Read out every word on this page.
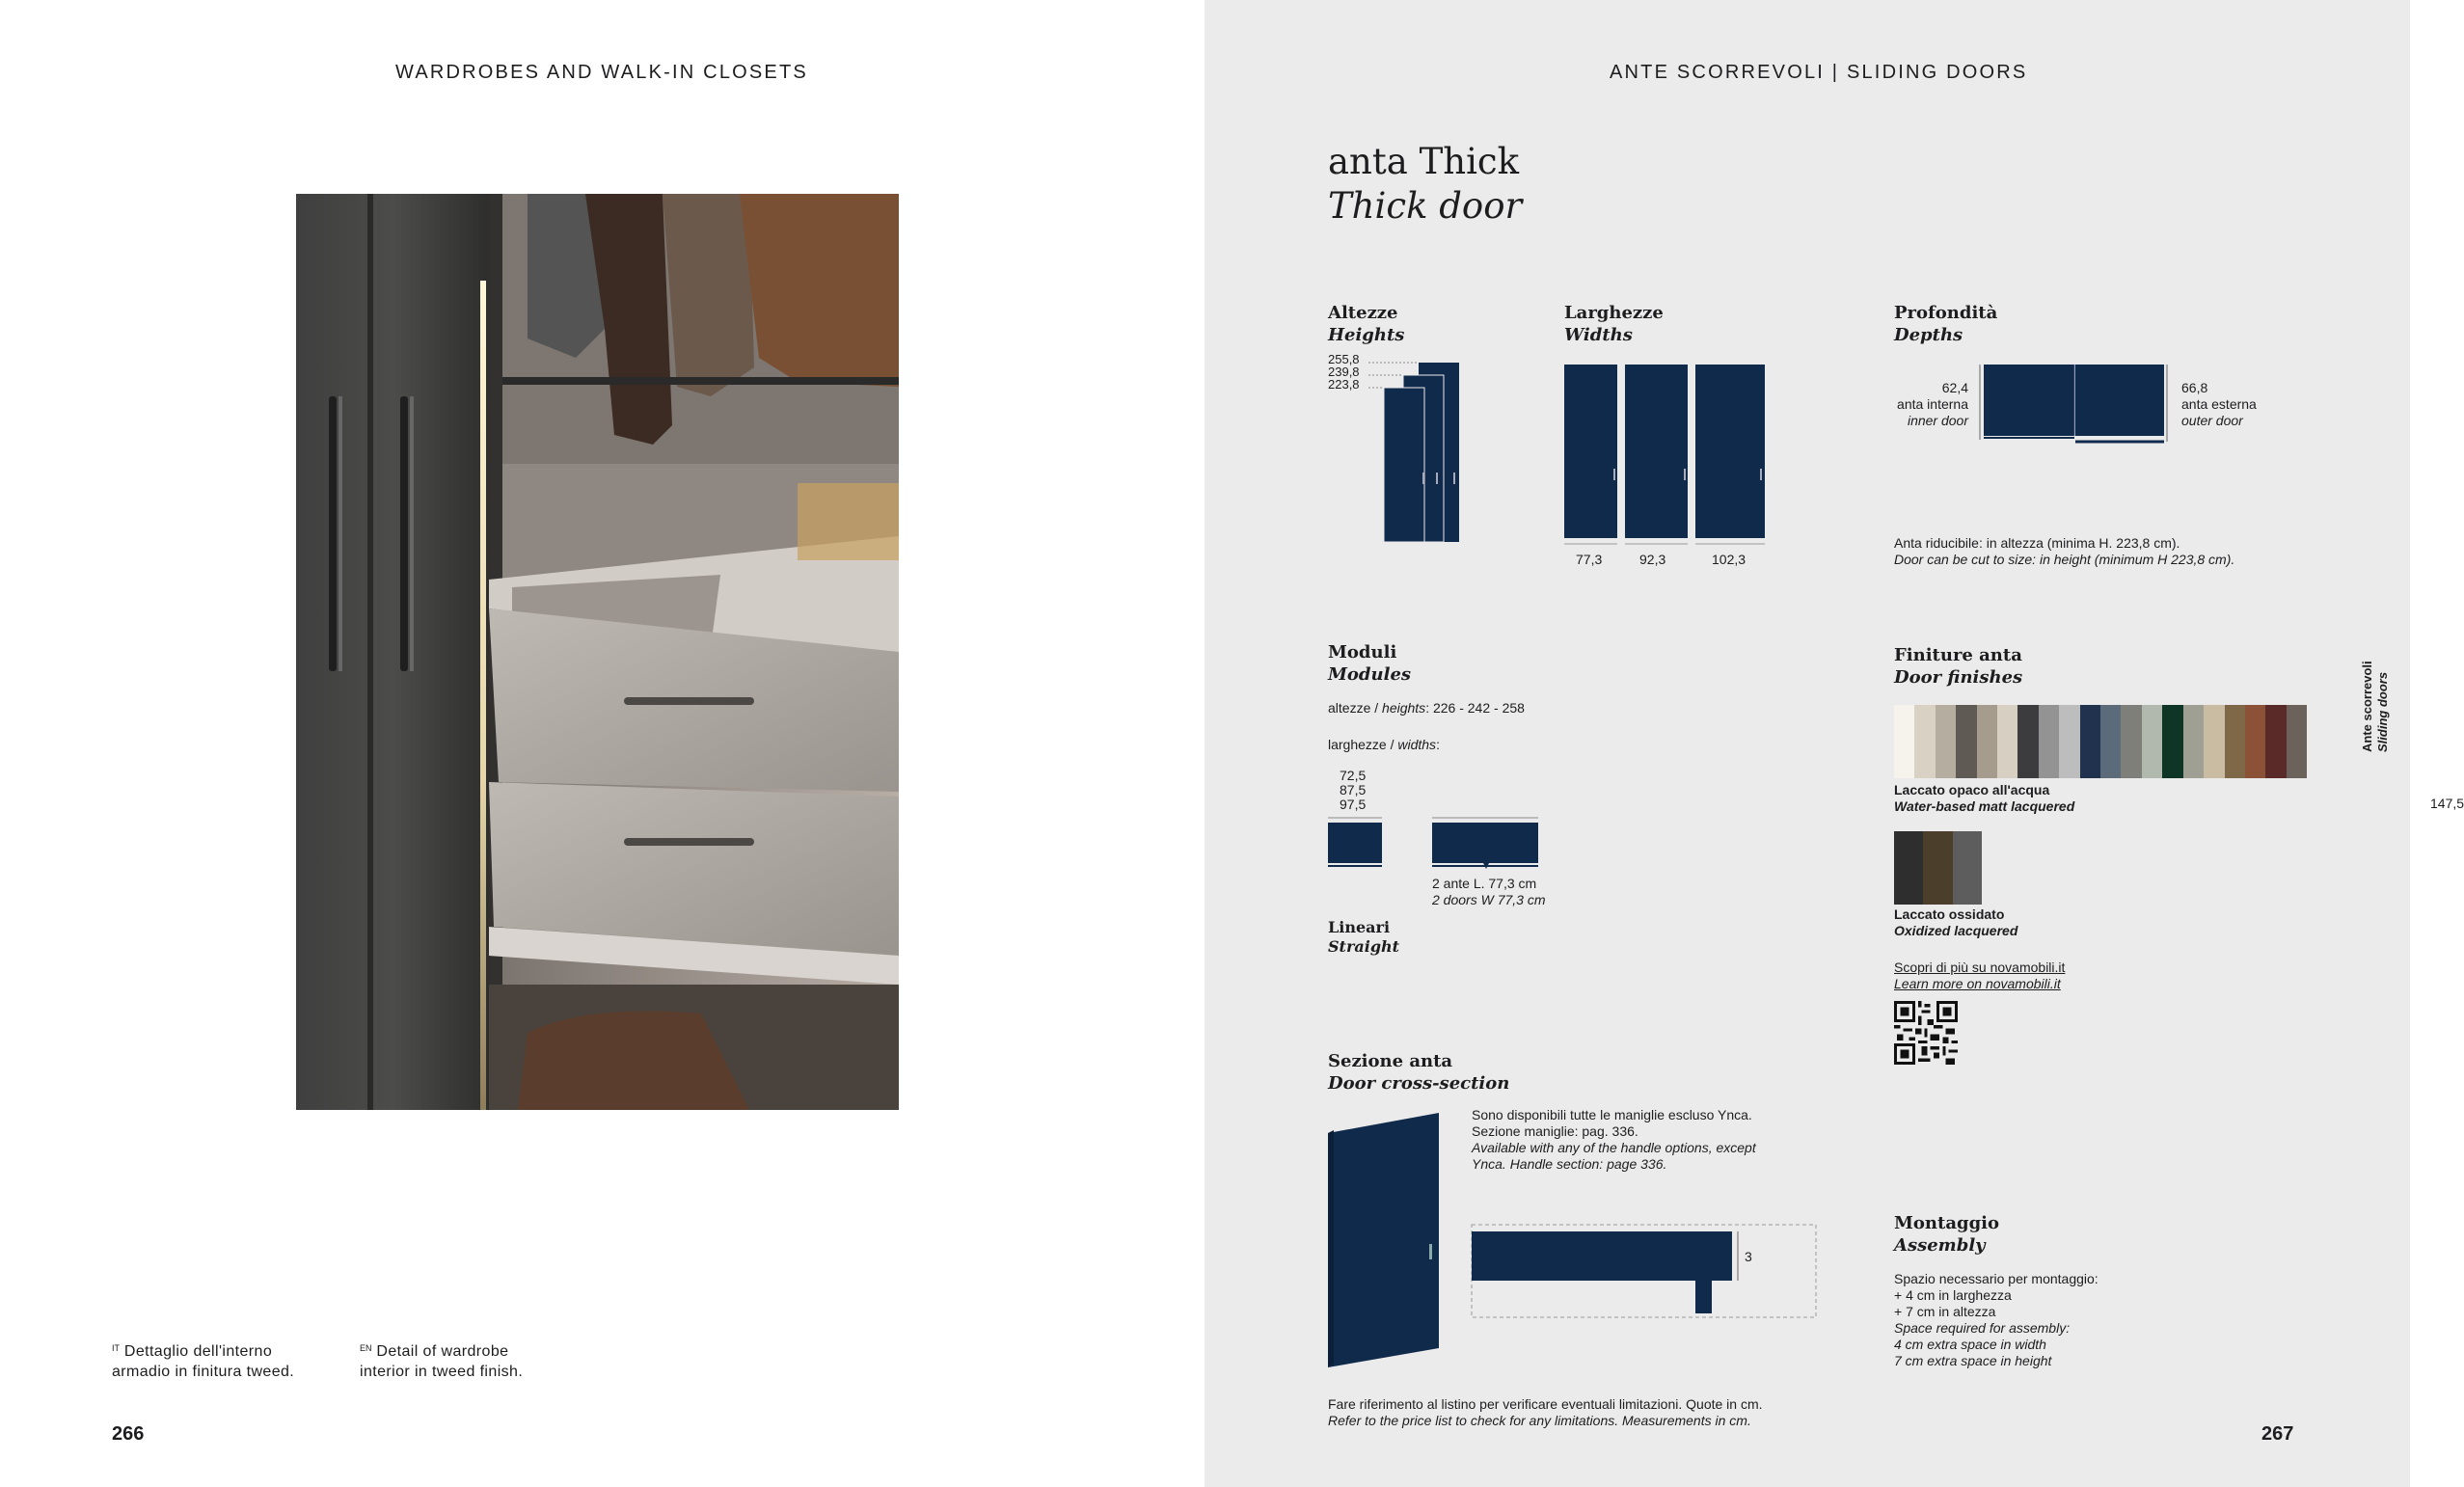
WARDROBES AND WALK-IN CLOSETS
$^{IT}$ Dettaglio dell'interno
armadio in finitura tweed.
$^{EN}$ Detail of wardrobe
interior in tweed finish.
266
ANTE SCORREVOLI | SLIDING DOORS
anta Thick
Thick door
Ante scorrevoli Sliding doors
Altezze
Heights
255,8
239,8
223,8
Larghezze
Widths
77,3	92,3	102,3
Profondità
Depths
62,4
anta interna
inner door
66,8
anta esterna
outer door
Anta riducibile: in altezza (minima H. 223,8 cm).
Door can be cut to size: in height (minimum H 223,8 cm).
Moduli
Modules
altezze / heights: 226 - 242 - 258
larghezze / widths:
72,5
87,5
97,5	147,5
2 ante L. 77,3 cm
2 doors W 77,3 cm
Lineari
Straight
Finiture anta
Door finishes
Laccato opaco all'acqua
Water-based matt lacquered
Laccato ossidato
Oxidized lacquered
Scopri di più su novamobili.it
Learn more on novamobili.it
Sezione anta
Door cross-section
Sono disponibili tutte le maniglie escluso Ynca.
Sezione maniglie: pag. 336.
Available with any of the handle options, except
Ynca. Handle section: page 336.
3
Montaggio
Assembly
Spazio necessario per montaggio:
+ 4 cm in larghezza
+ 7 cm in altezza
Space required for assembly:
4 cm extra space in width
7 cm extra space in height
Fare riferimento al listino per verificare eventuali limitazioni. Quote in cm.
Refer to the price list to check for any limitations. Measurements in cm.
267
